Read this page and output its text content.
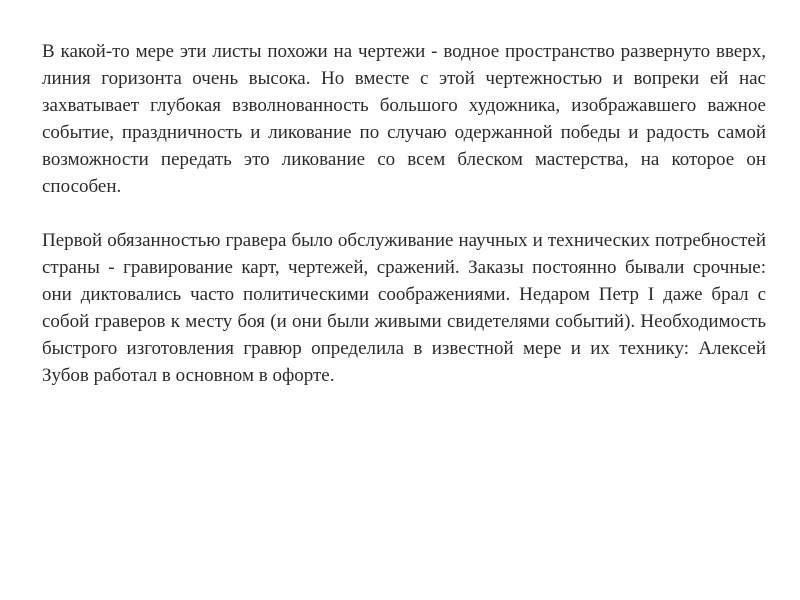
В какой-то мере эти листы похожи на чертежи - водное пространство развернуто вверх, линия горизонта очень высока. Но вместе с этой чертежностью и вопреки ей нас захватывает глубокая взволнованность большого художника, изображавшего важное событие, праздничность и ликование по случаю одержанной победы и радость самой возможности передать это ликование со всем блеском мастерства, на которое он способен.

Первой обязанностью гравера было обслуживание научных и технических потребностей страны - гравирование карт, чертежей, сражений. Заказы постоянно бывали срочные: они диктовались часто политическими соображениями. Недаром Петр I даже брал с собой граверов к месту боя (и они были живыми свидетелями событий). Необходимость быстрого изготовления гравюр определила в известной мере и их технику: Алексей Зубов работал в основном в офорте.
